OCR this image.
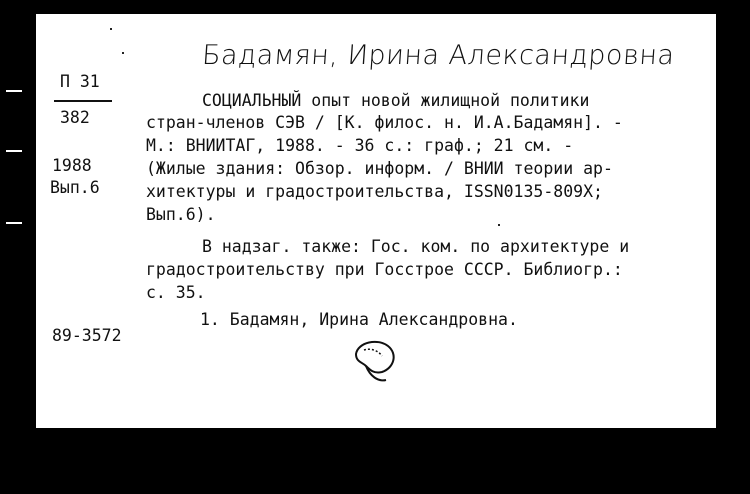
П 31
382
1988
Вып.6
Бадамян, Ирина Александровна
СОЦИАЛЬНЫЙ опыт новой жилищной политики
стран-членов СЭВ / [К. филос. н. И.А.Бадамян]. -
М.: ВНИИТАГ, 1988. - 36 с.: граф.; 21 см. -
(Жилые здания: Обзор. информ. / ВНИИ теории ар-
хитектуры и градостроительства, ISSN0135-809X;
Вып.6).
В надзаг. также: Гос. ком. по архитектуре и
градостроительству при Госстрое СССР. Библиогр.:
с. 35.
1. Бадамян, Ирина Александровна.
89-3572
